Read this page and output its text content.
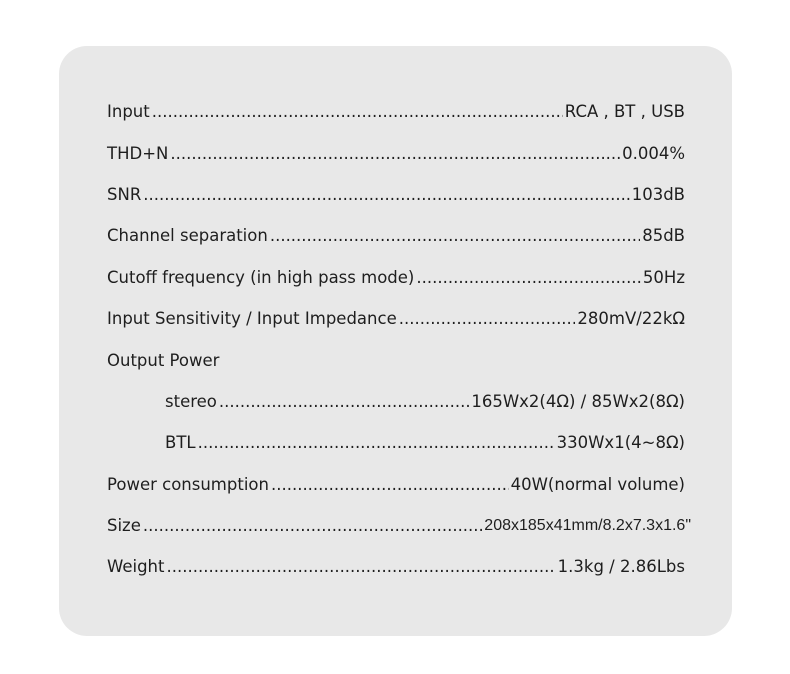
Input .....	RCA , BT , USB
THD+N .....	0.004%
SNR .....	103dB
Channel separation .....	85dB
Cutoff frequency (in high pass mode) .....	50Hz
Input Sensitivity / Input Impedance .....	280mV/22kΩ
Output Power
stereo .....	165Wx2(4Ω) / 85Wx2(8Ω)
BTL .....	330Wx1(4~8Ω)
Power consumption .....	40W(normal volume)
Size .....	208x185x41mm/8.2x7.3x1.6"
Weight .....	1.3kg / 2.86Lbs
